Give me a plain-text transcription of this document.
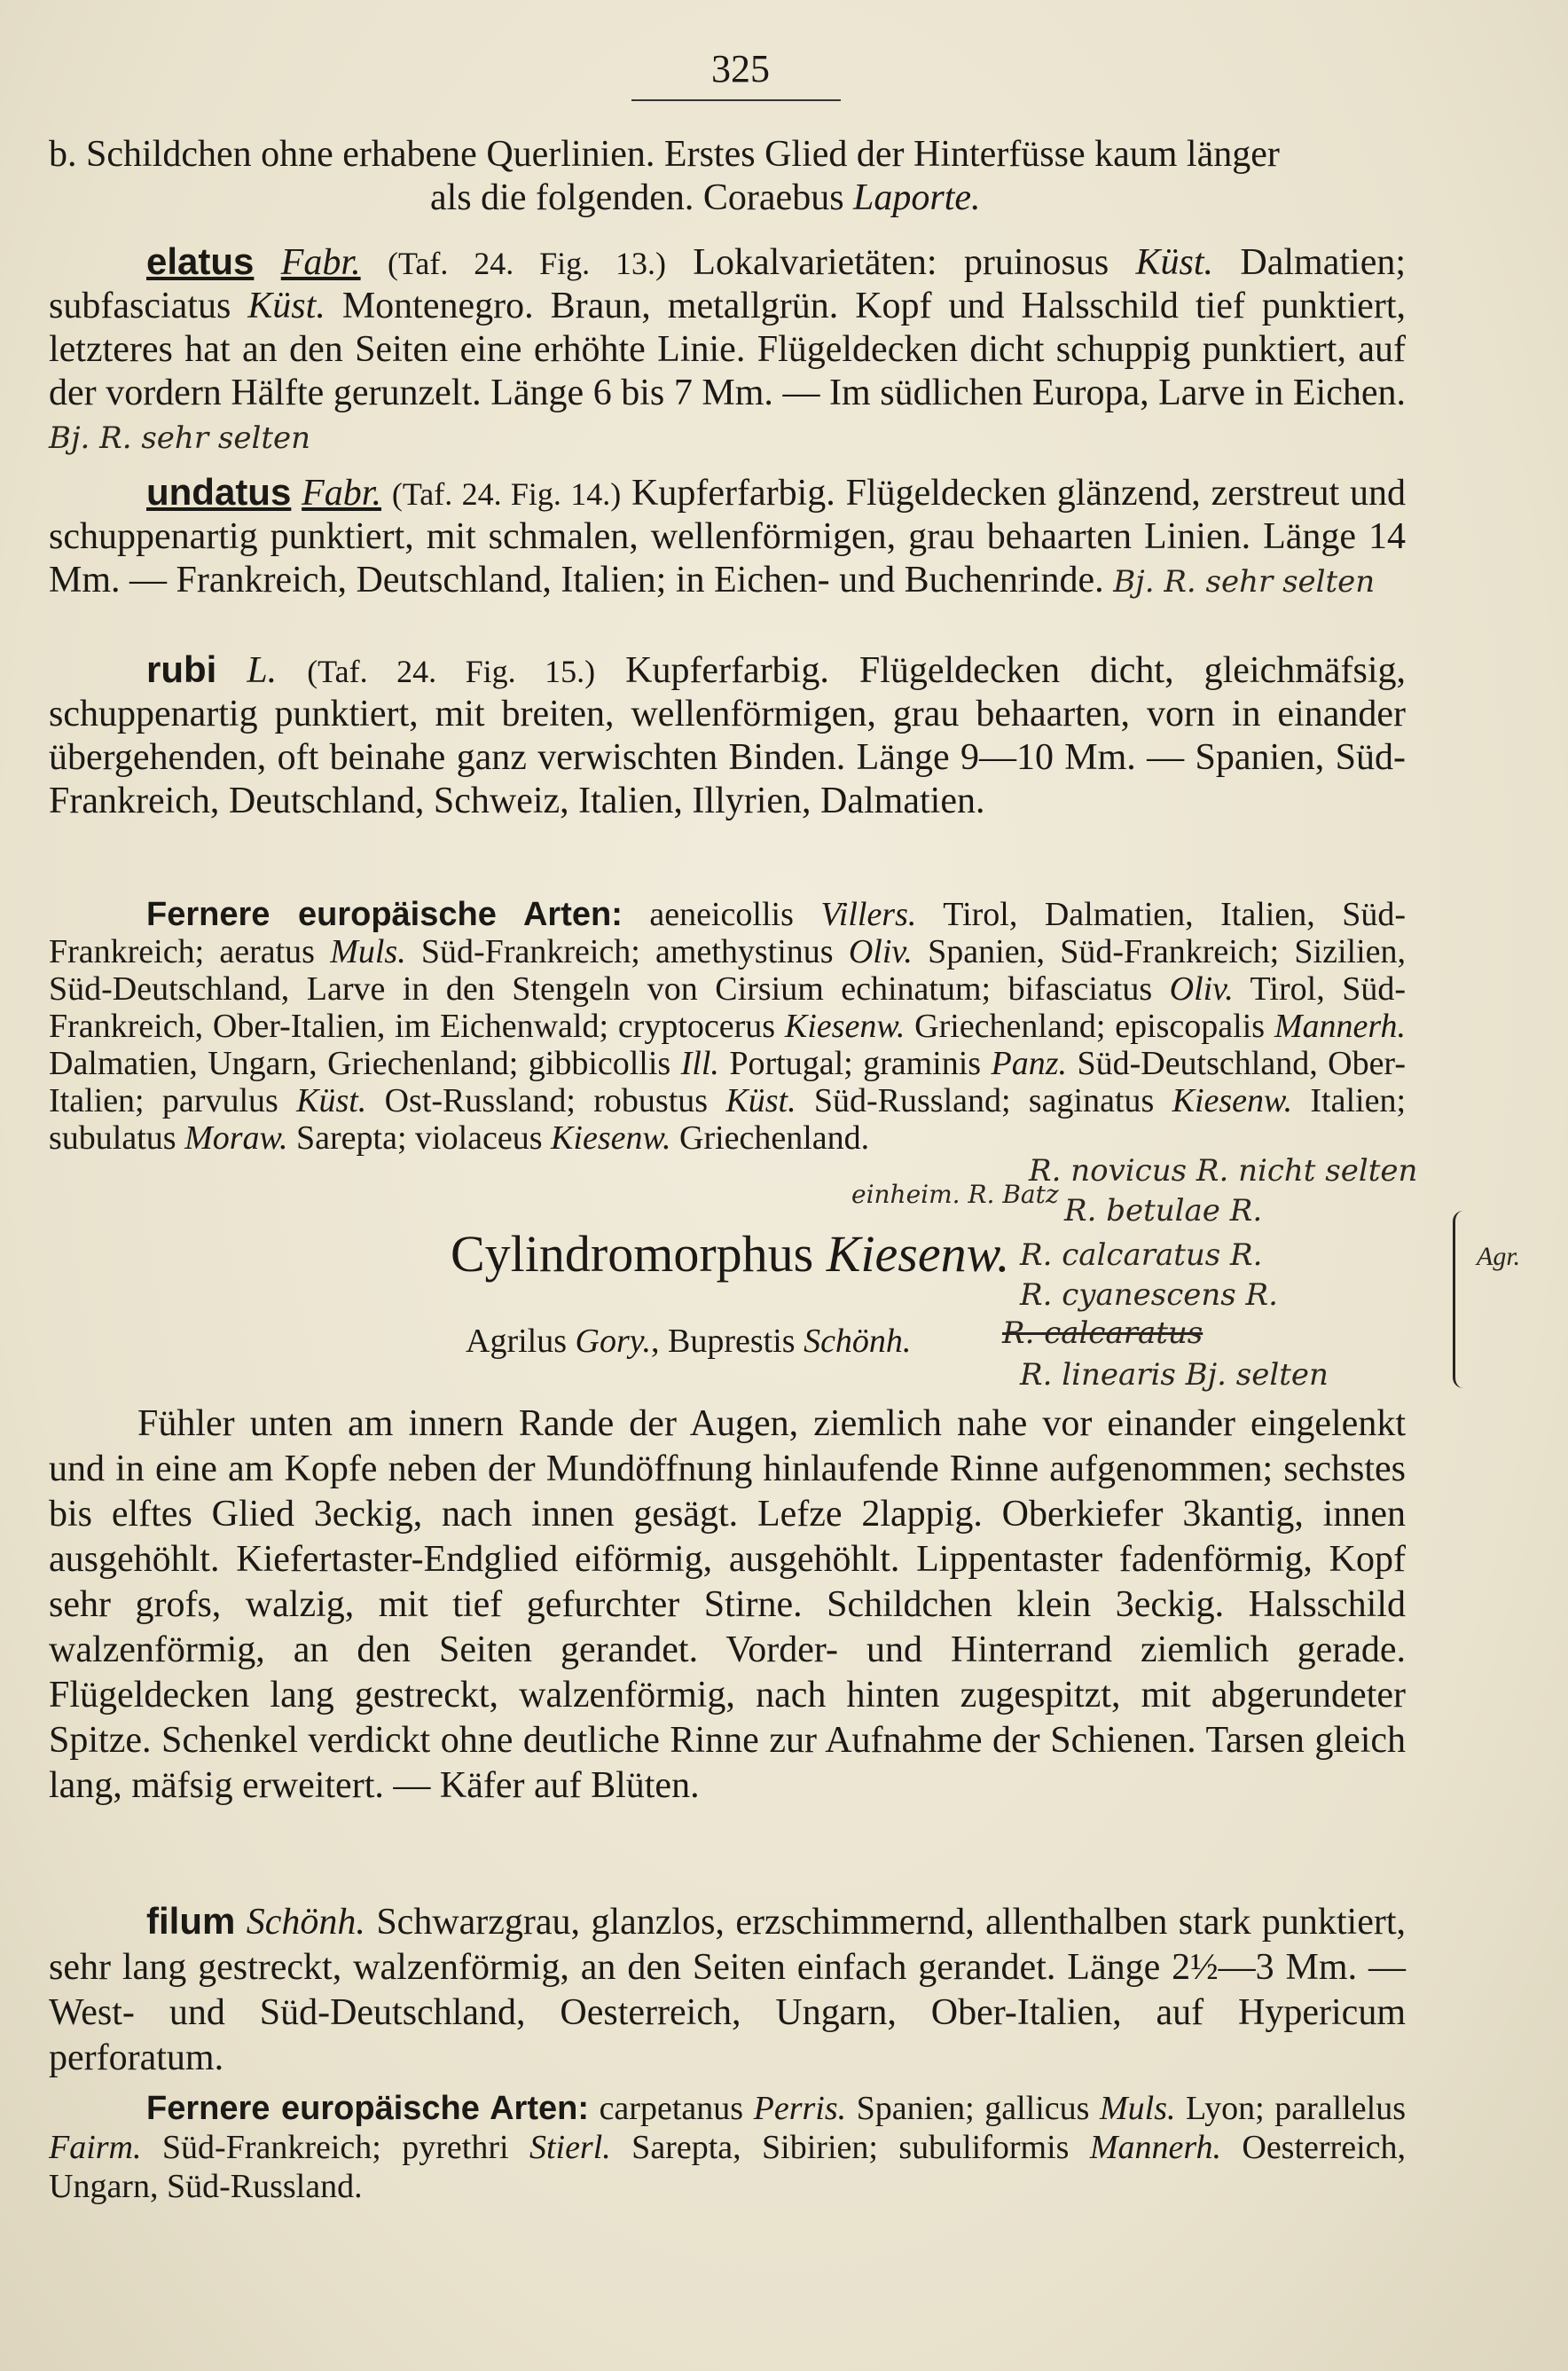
325

b. Schildchen ohne erhabene Querlinien. Erstes Glied der Hinterfüsse kaum länger

als die folgenden. Coraebus Laporte.

elatus Fabr. (Taf. 24. Fig. 13.) Lokalvarietäten: pruinosus Küst. Dalmatien; subfasciatus Küst. Montenegro. Braun, metallgrün. Kopf und Halsschild tief punktiert, letzteres hat an den Seiten eine erhöhte Linie. Flügeldecken dicht schuppig punktiert, auf der vordern Hälfte gerunzelt. Länge 6 bis 7 Mm. — Im südlichen Europa, Larve in Eichen. Bj. R. sehr selten

undatus Fabr. (Taf. 24. Fig. 14.) Kupferfarbig. Flügeldecken glänzend, zerstreut und schuppenartig punktiert, mit schmalen, wellenförmigen, grau behaarten Linien. Länge 14 Mm. — Frankreich, Deutschland, Italien; in Eichen- und Buchenrinde. Bj. R. sehr selten

rubi L. (Taf. 24. Fig. 15.) Kupferfarbig. Flügeldecken dicht, gleichmäfsig, schuppenartig punktiert, mit breiten, wellenförmigen, grau behaarten, vorn in einander übergehenden, oft beinahe ganz verwischten Binden. Länge 9—10 Mm. — Spanien, Süd-Frankreich, Deutschland, Schweiz, Italien, Illyrien, Dalmatien.

Fernere europäische Arten: aeneicollis Villers. Tirol, Dalmatien, Italien, Süd-Frankreich; aeratus Muls. Süd-Frankreich; amethystinus Oliv. Spanien, Süd-Frankreich; Sizilien, Süd-Deutschland, Larve in den Stengeln von Cirsium echinatum; bifasciatus Oliv. Tirol, Süd-Frankreich, Ober-Italien, im Eichenwald; cryptocerus Kiesenw. Griechenland; episcopalis Mannerh. Dalmatien, Ungarn, Griechenland; gibbicollis Ill. Portugal; graminis Panz. Süd-Deutschland, Ober-Italien; parvulus Küst. Ost-Russland; robustus Küst. Süd-Russland; saginatus Kiesenw. Italien; subulatus Moraw. Sarepta; violaceus Kiesenw. Griechenland.

R. novicus R. nicht selten
einheim. R. Batz R. betulae R.
R. calcaratus R.
R. cyanescens R.
R. calcaratus
R. linearis Bj. selten
Agr.
Cylindromorphus Kiesenw.
Agrilus Gory., Buprestis Schönh.

Fühler unten am innern Rande der Augen, ziemlich nahe vor einander eingelenkt und in eine am Kopfe neben der Mundöffnung hinlaufende Rinne aufgenommen; sechstes bis elftes Glied 3eckig, nach innen gesägt. Lefze 2lappig. Oberkiefer 3kantig, innen ausgehöhlt. Kiefertaster-Endglied eiförmig, ausgehöhlt. Lippentaster fadenförmig, Kopf sehr grofs, walzig, mit tief gefurchter Stirne. Schildchen klein 3eckig. Halsschild walzenförmig, an den Seiten gerandet. Vorder- und Hinterrand ziemlich gerade. Flügeldecken lang gestreckt, walzenförmig, nach hinten zugespitzt, mit abgerundeter Spitze. Schenkel verdickt ohne deutliche Rinne zur Aufnahme der Schienen. Tarsen gleich lang, mäfsig erweitert. — Käfer auf Blüten.

filum Schönh. Schwarzgrau, glanzlos, erzschimmernd, allenthalben stark punktiert, sehr lang gestreckt, walzenförmig, an den Seiten einfach gerandet. Länge 2½—3 Mm. — West- und Süd-Deutschland, Oesterreich, Ungarn, Ober-Italien, auf Hypericum perforatum.

Fernere europäische Arten: carpetanus Perris. Spanien; gallicus Muls. Lyon; parallelus Fairm. Süd-Frankreich; pyrethri Stierl. Sarepta, Sibirien; subuliformis Mannerh. Oesterreich, Ungarn, Süd-Russland.
